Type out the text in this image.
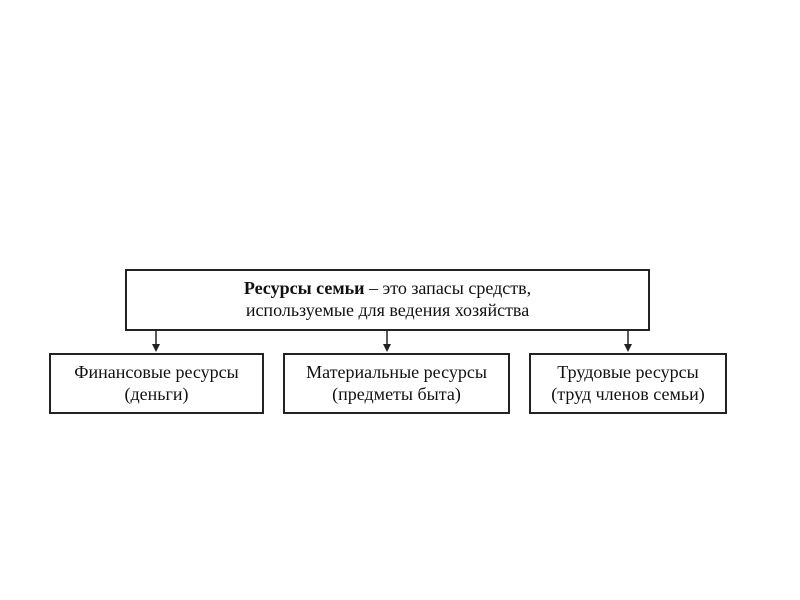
Ресурсы семьи – это запасы средств,
используемые для ведения хозяйства
Финансовые ресурсы
(деньги)
Материальные ресурсы
(предметы быта)
Трудовые ресурсы
(труд членов семьи)
